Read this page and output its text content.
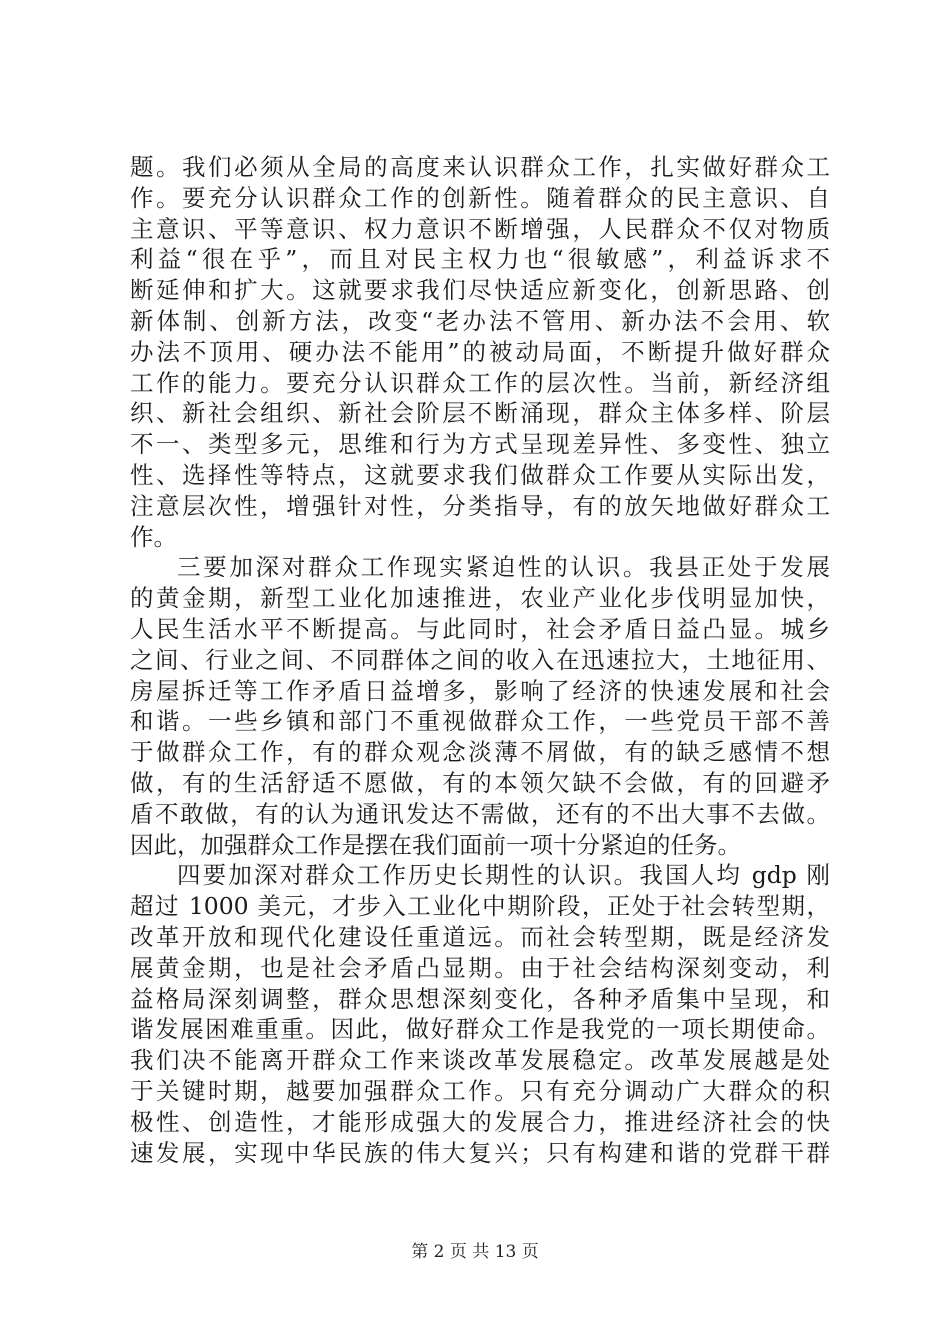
题。我们必须从全局的高度来认识群众工作，扎实做好群众工
作。要充分认识群众工作的创新性。随着群众的民主意识、自
主意识、平等意识、权力意识不断增强，人民群众不仅对物质
利益“很在乎”，而且对民主权力也“很敏感”，利益诉求不
断延伸和扩大。这就要求我们尽快适应新变化，创新思路、创
新体制、创新方法，改变“老办法不管用、新办法不会用、软
办法不顶用、硬办法不能用”的被动局面，不断提升做好群众
工作的能力。要充分认识群众工作的层次性。当前，新经济组
织、新社会组织、新社会阶层不断涌现，群众主体多样、阶层
不一、类型多元，思维和行为方式呈现差异性、多变性、独立
性、选择性等特点，这就要求我们做群众工作要从实际出发，
注意层次性，增强针对性，分类指导，有的放矢地做好群众工
作。
三要加深对群众工作现实紧迫性的认识。我县正处于发展
的黄金期，新型工业化加速推进，农业产业化步伐明显加快，
人民生活水平不断提高。与此同时，社会矛盾日益凸显。城乡
之间、行业之间、不同群体之间的收入在迅速拉大，土地征用、
房屋拆迁等工作矛盾日益增多，影响了经济的快速发展和社会
和谐。一些乡镇和部门不重视做群众工作，一些党员干部不善
于做群众工作，有的群众观念淡薄不屑做，有的缺乏感情不想
做，有的生活舒适不愿做，有的本领欠缺不会做，有的回避矛
盾不敢做，有的认为通讯发达不需做，还有的不出大事不去做。
因此，加强群众工作是摆在我们面前一项十分紧迫的任务。
四要加深对群众工作历史长期性的认识。我国人均 gdp 刚
超过 1000 美元，才步入工业化中期阶段，正处于社会转型期，
改革开放和现代化建设任重道远。而社会转型期，既是经济发
展黄金期，也是社会矛盾凸显期。由于社会结构深刻变动，利
益格局深刻调整，群众思想深刻变化，各种矛盾集中呈现，和
谐发展困难重重。因此，做好群众工作是我党的一项长期使命。
我们决不能离开群众工作来谈改革发展稳定。改革发展越是处
于关键时期，越要加强群众工作。只有充分调动广大群众的积
极性、创造性，才能形成强大的发展合力，推进经济社会的快
速发展，实现中华民族的伟大复兴；只有构建和谐的党群干群
第 2 页 共 13 页
